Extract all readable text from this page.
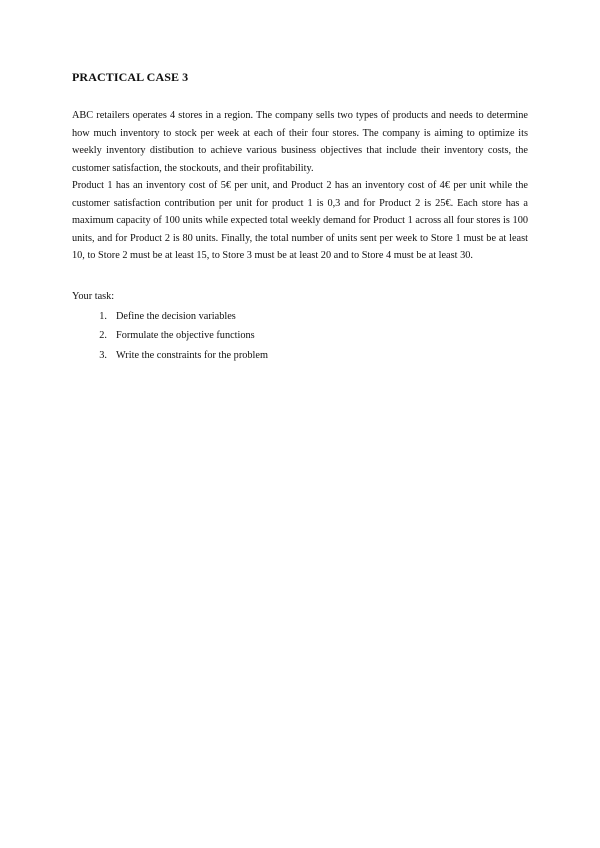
PRACTICAL CASE 3

ABC retailers operates 4 stores in a region. The company sells two types of products and needs to determine how much inventory to stock per week at each of their four stores. The company is aiming to optimize its weekly inventory distibution to achieve various business objectives that include their inventory costs, the customer satisfaction, the stockouts, and their profitability.

Product 1 has an inventory cost of 5€ per unit, and Product 2 has an inventory cost of 4€ per unit while the customer satisfaction contribution per unit for product 1 is 0,3 and for Product 2 is 25€. Each store has a maximum capacity of 100 units while expected total weekly demand for Product 1 across all four stores is 100 units, and for Product 2 is 80 units. Finally, the total number of units sent per week to Store 1 must be at least 10, to Store 2 must be at least 15, to Store 3 must be at least 20 and to Store 4 must be at least 30.

Your task:
1. Define the decision variables
2. Formulate the objective functions
3. Write the constraints for the problem
